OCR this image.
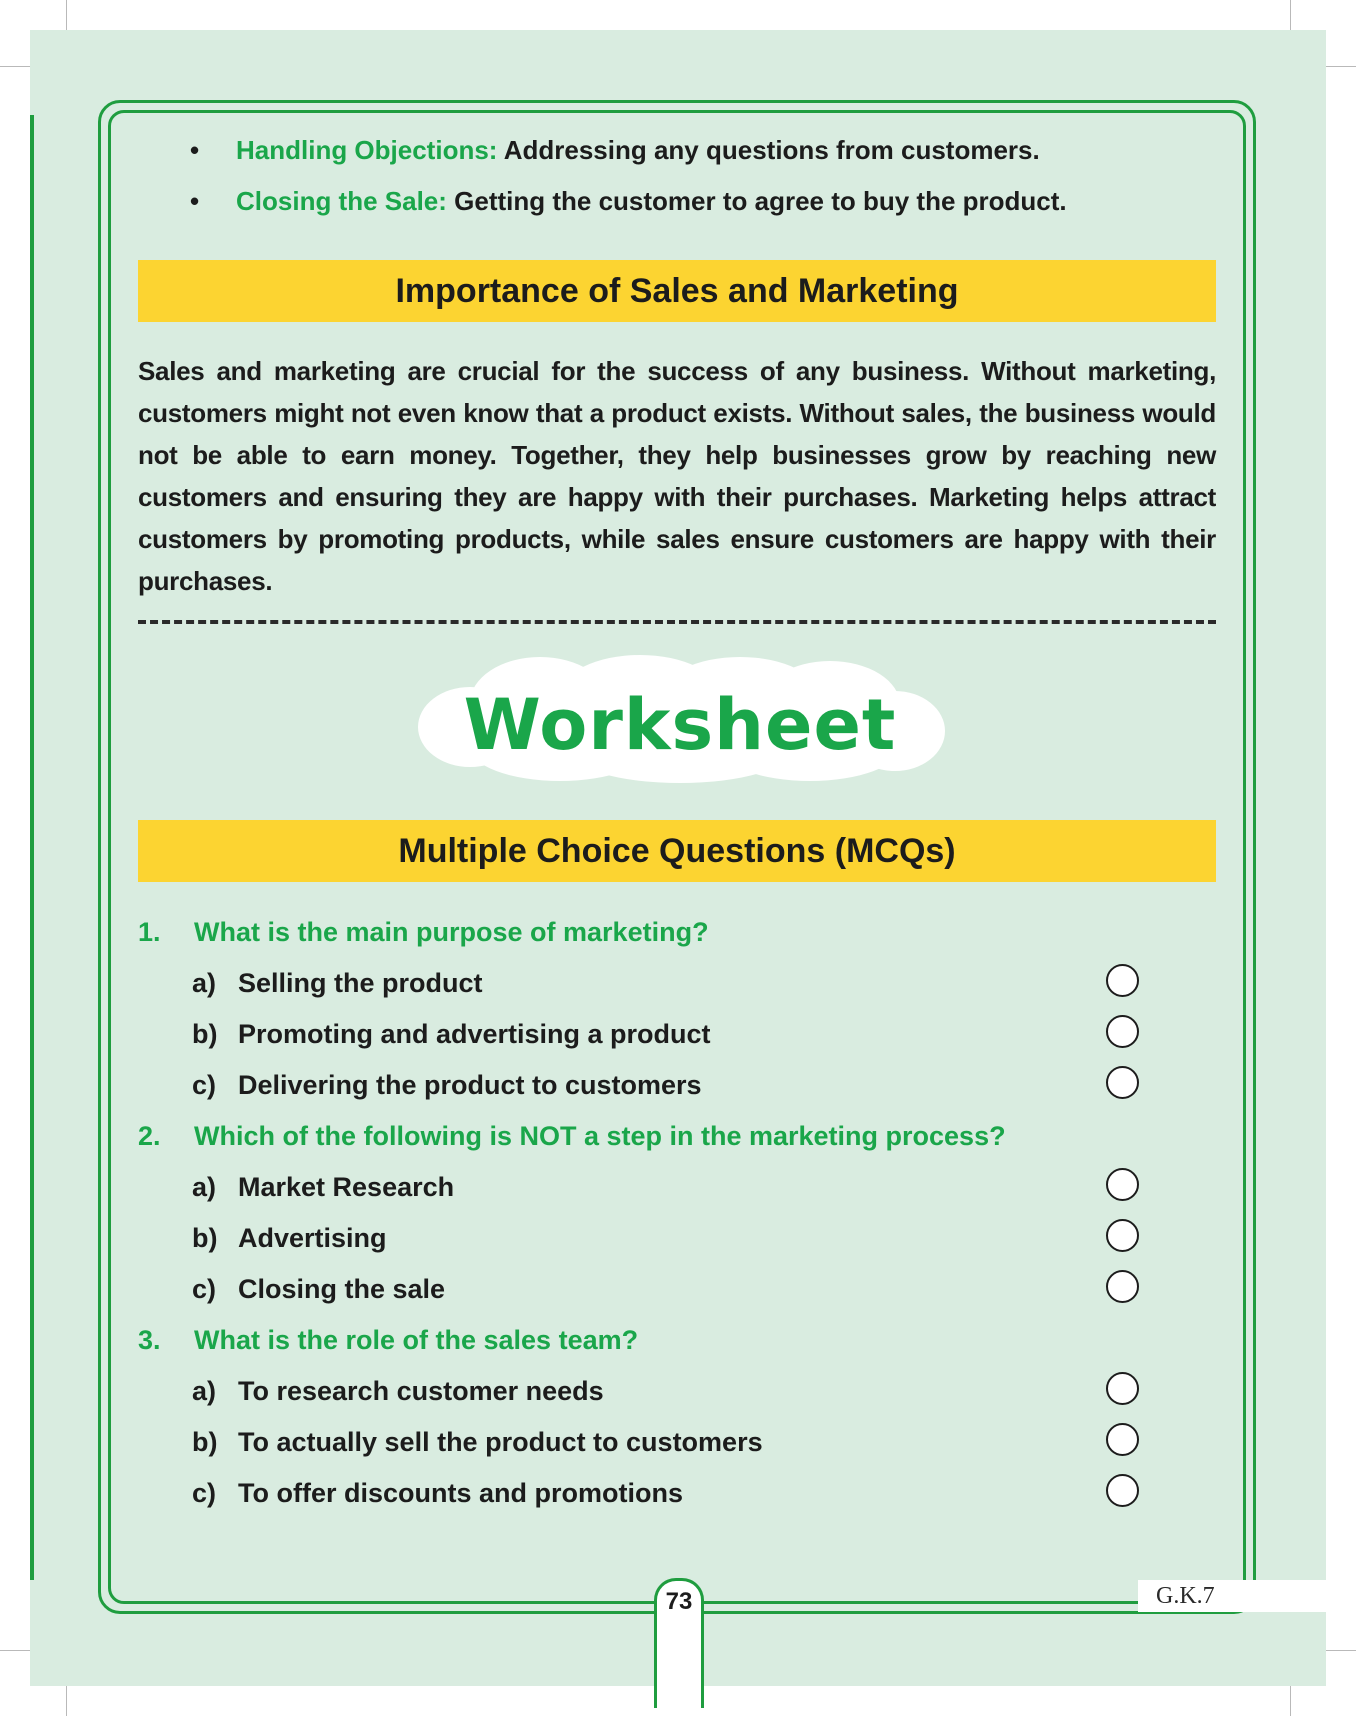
• Handling Objections: Addressing any questions from customers.
• Closing the Sale: Getting the customer to agree to buy the product.
Importance of Sales and Marketing

Sales and marketing are crucial for the success of any business. Without marketing, customers might not even know that a product exists. Without sales, the business would not be able to earn money. Together, they help businesses grow by reaching new customers and ensuring they are happy with their purchases. Marketing helps attract customers by promoting products, while sales ensure customers are happy with their purchases.

Worksheet
Multiple Choice Questions (MCQs)
1. What is the main purpose of marketing?
a) Selling the product
b) Promoting and advertising a product
c) Delivering the product to customers
2. Which of the following is NOT a step in the marketing process?
a) Market Research
b) Advertising
c) Closing the sale
3. What is the role of the sales team?
a) To research customer needs
b) To actually sell the product to customers
c) To offer discounts and promotions
73	G.K.7
